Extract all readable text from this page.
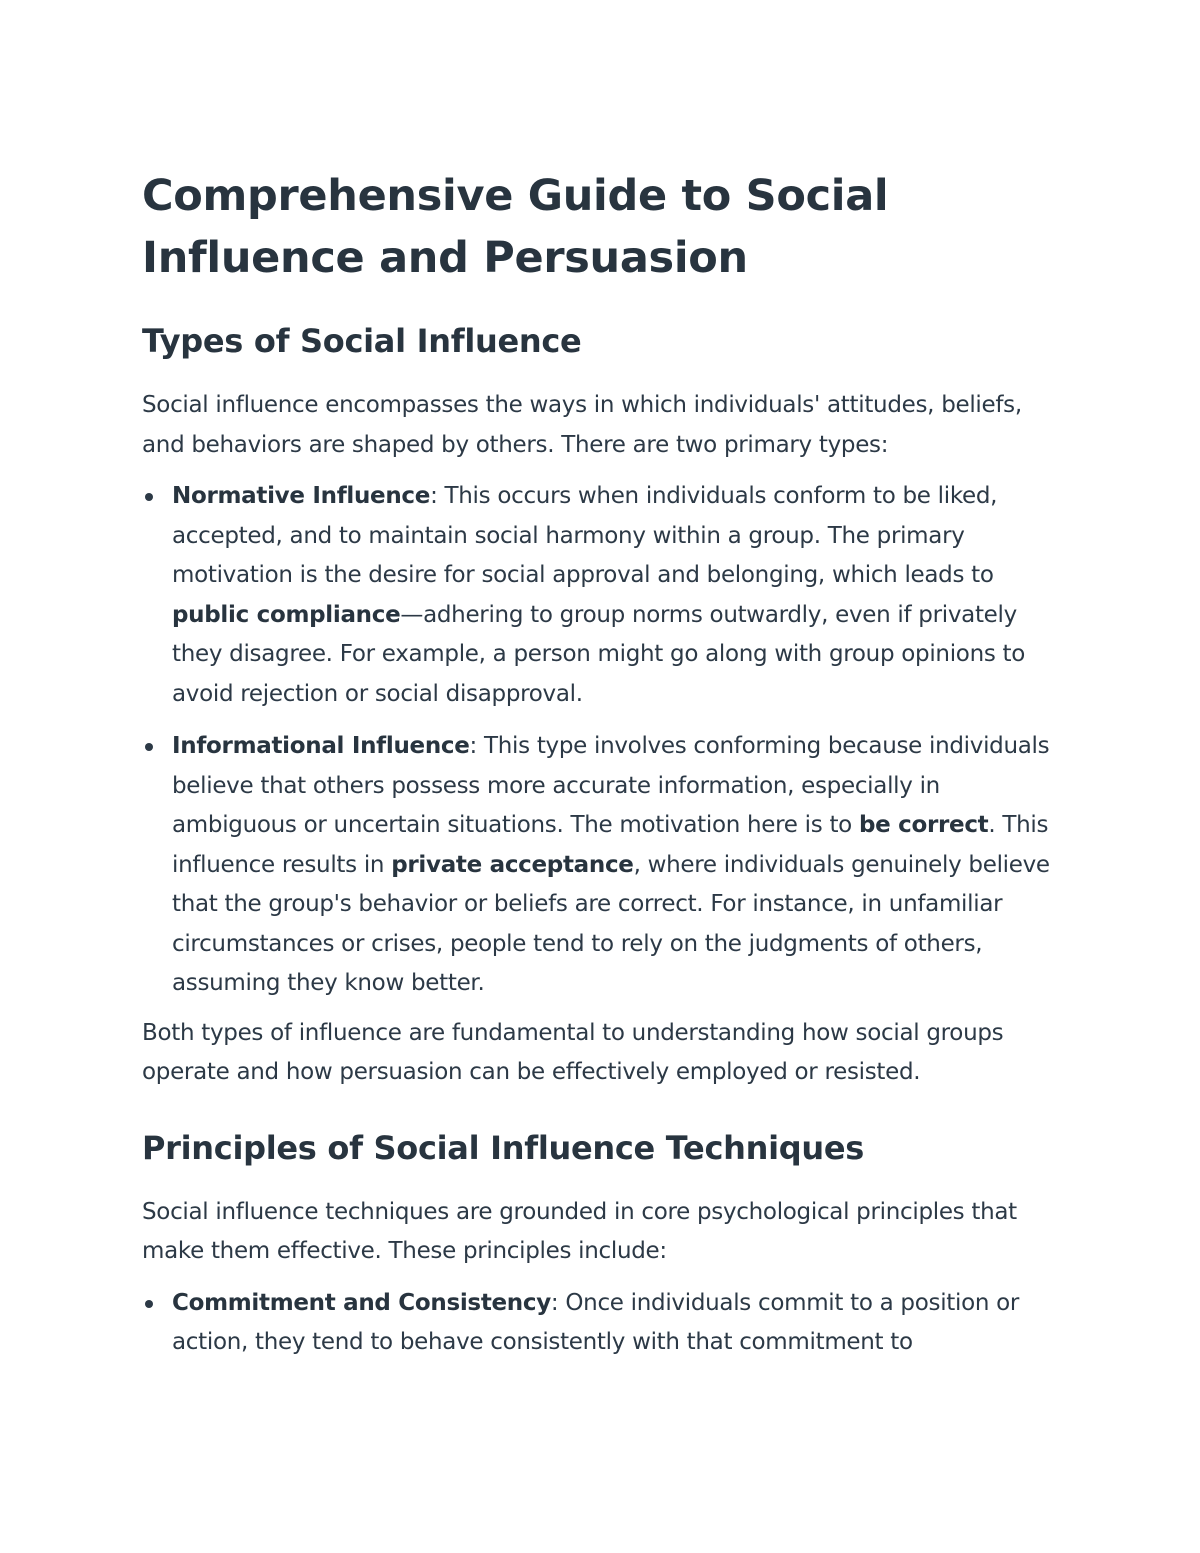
Comprehensive Guide to Social Influence and Persuasion
Types of Social Influence

Social influence encompasses the ways in which individuals' attitudes, beliefs, and behaviors are shaped by others. There are two primary types:

Normative Influence: This occurs when individuals conform to be liked, accepted, and to maintain social harmony within a group. The primary motivation is the desire for social approval and belonging, which leads to public compliance—adhering to group norms outwardly, even if privately they disagree. For example, a person might go along with group opinions to avoid rejection or social disapproval.
Informational Influence: This type involves conforming because individuals believe that others possess more accurate information, especially in ambiguous or uncertain situations. The motivation here is to be correct. This influence results in private acceptance, where individuals genuinely believe that the group's behavior or beliefs are correct. For instance, in unfamiliar circumstances or crises, people tend to rely on the judgments of others, assuming they know better.

Both types of influence are fundamental to understanding how social groups operate and how persuasion can be effectively employed or resisted.

Principles of Social Influence Techniques

Social influence techniques are grounded in core psychological principles that make them effective. These principles include:

Commitment and Consistency: Once individuals commit to a position or action, they tend to behave consistently with that commitment to
